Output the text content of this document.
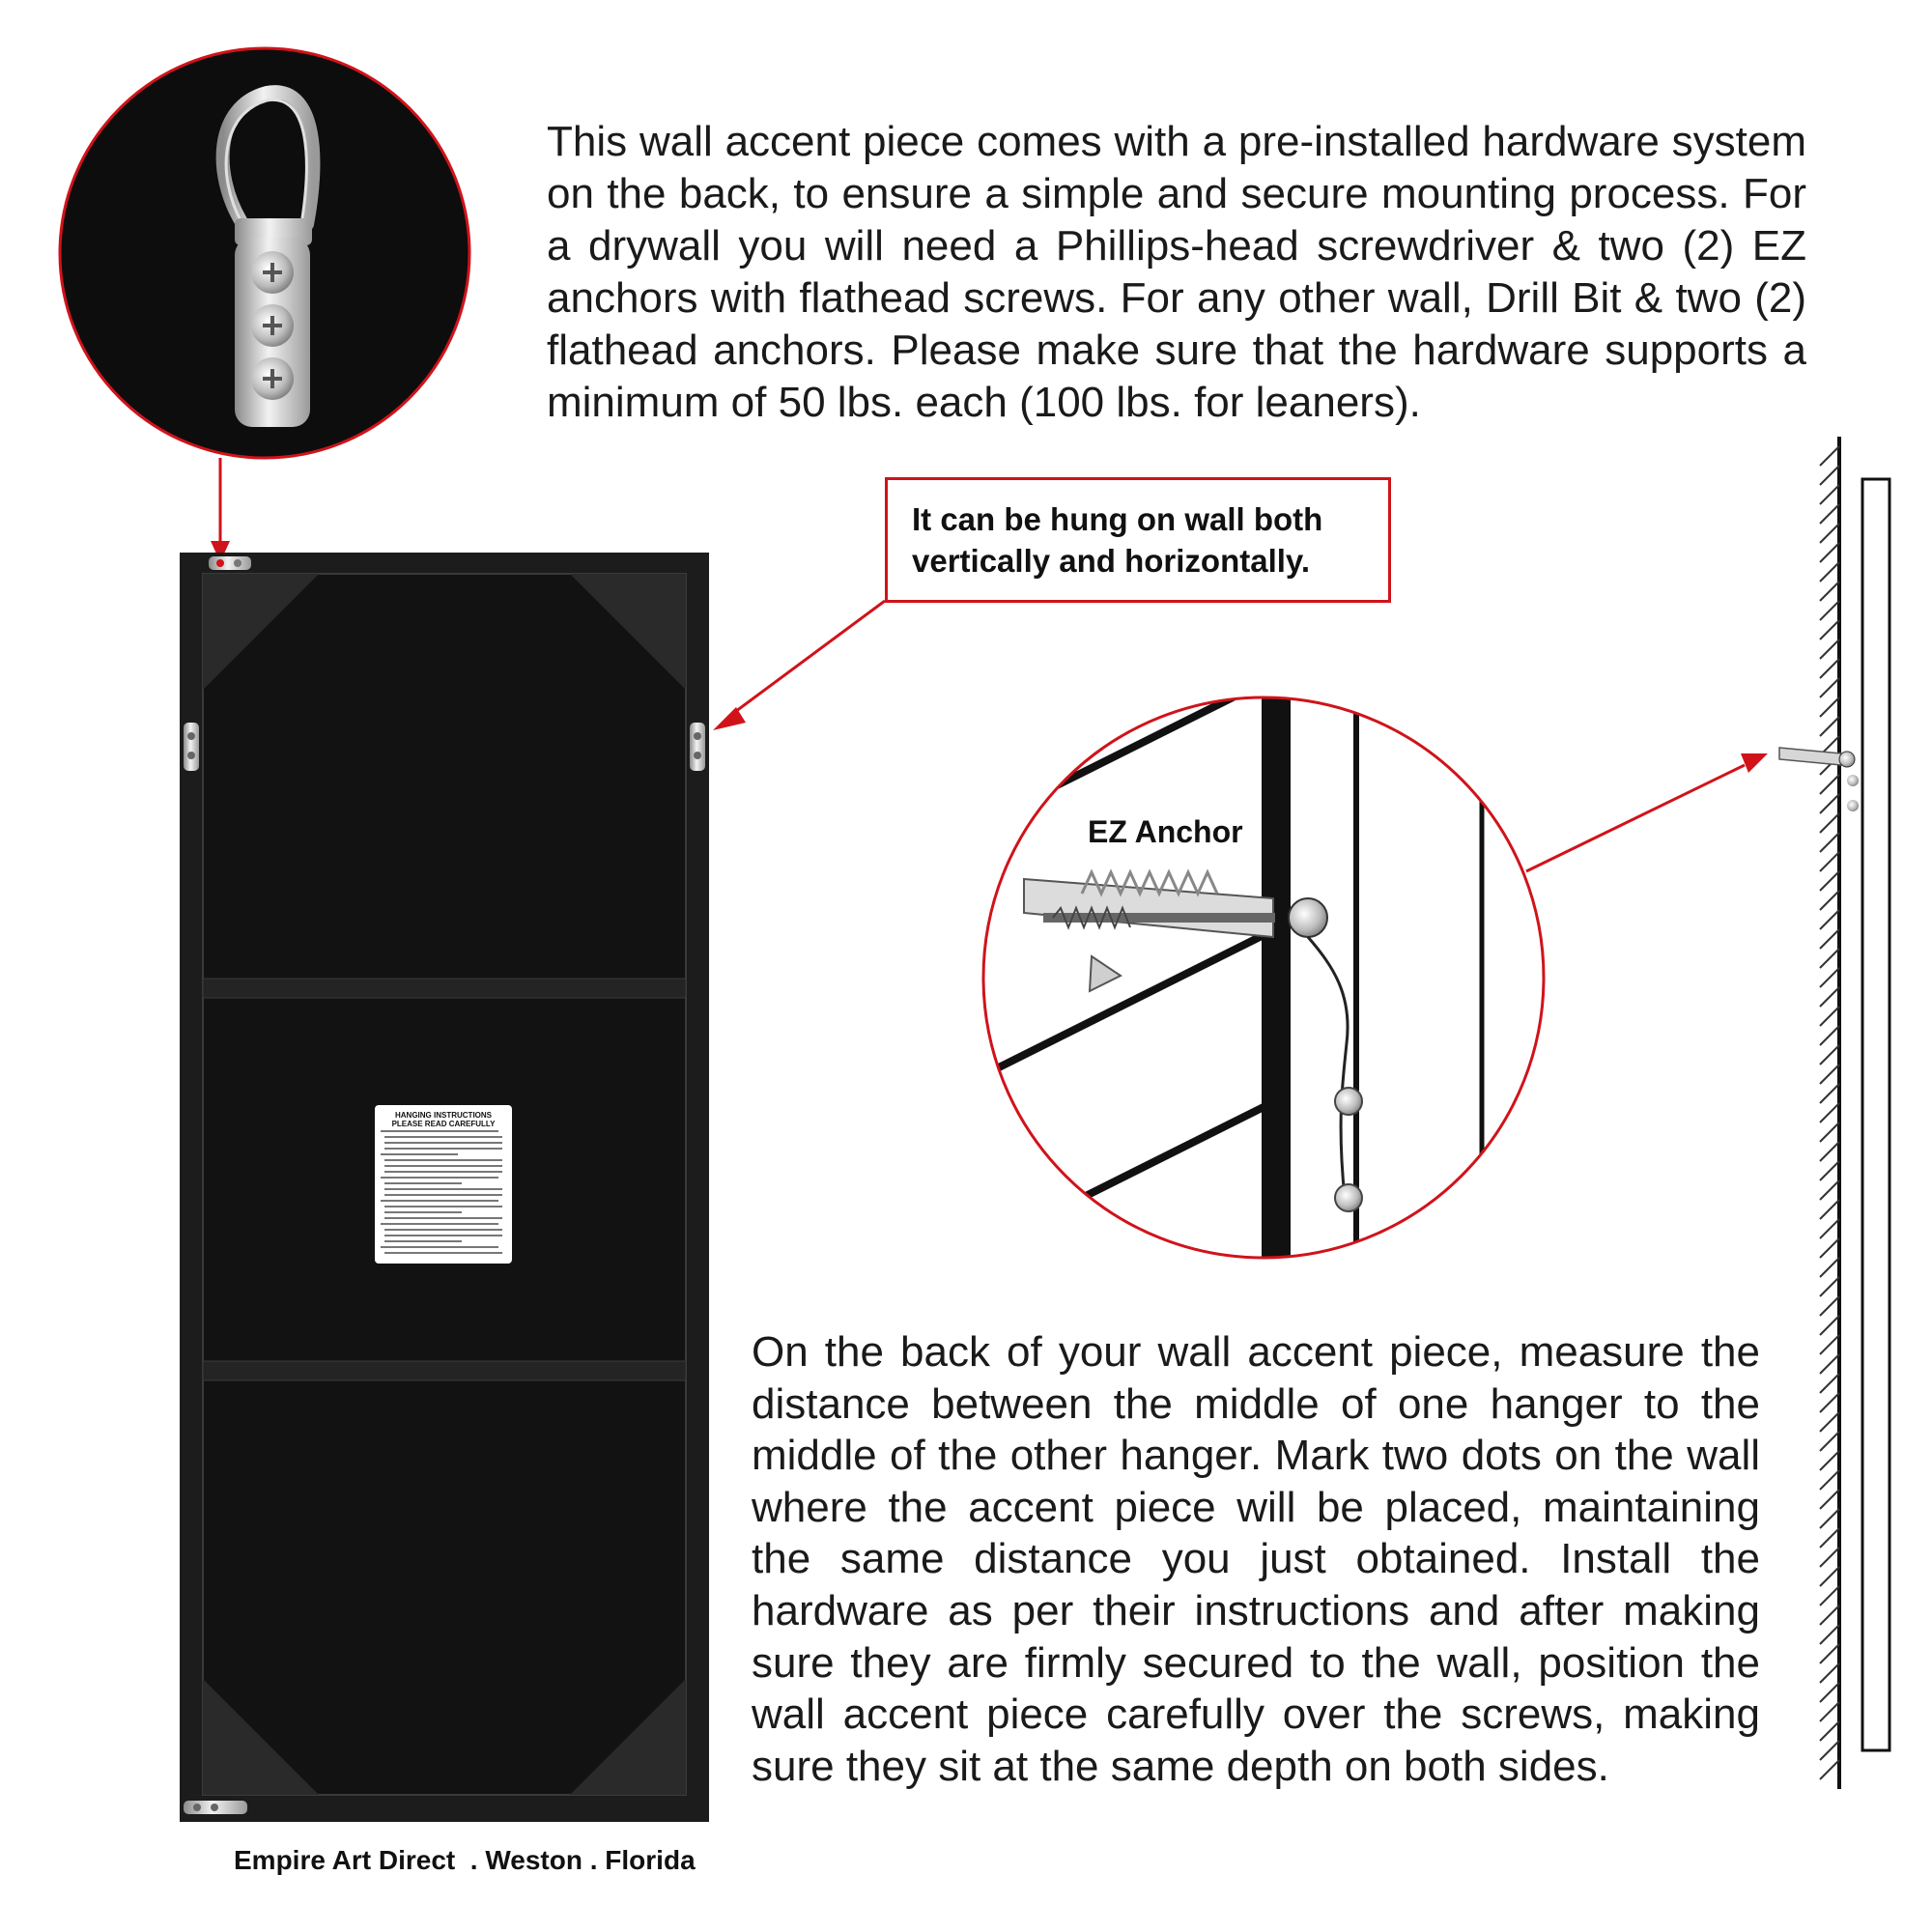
This wall accent piece comes with a pre-installed hardware system on the back, to ensure a simple and secure mounting process. For a drywall you will need a Phillips-head screwdriver & two (2) EZ anchors with flathead screws. For any other wall, Drill Bit & two (2) flathead anchors. Please make sure that the hardware supports a minimum of 50 lbs. each (100 lbs. for leaners).
It can be hung on wall both vertically and horizontally.
EZ Anchor
On the back of your wall accent piece, measure the distance between the middle of one hanger to the middle of the other hanger. Mark two dots on the wall where the accent piece will be placed, maintaining the same distance you just obtained. Install the hardware as per their instructions and after making sure they are firmly secured to the wall, position the wall accent piece carefully over the screws, making sure they sit at the same depth on both sides.
HANGING INSTRUCTIONS
PLEASE READ CAREFULLY
Empire Art Direct  . Weston . Florida
